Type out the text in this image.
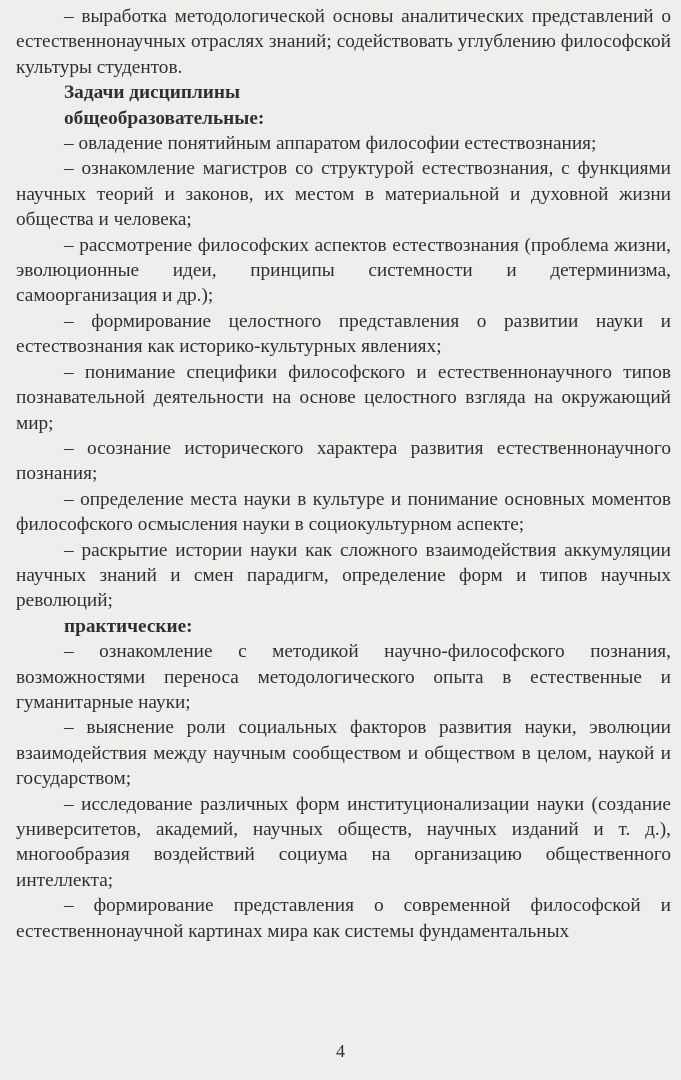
– выработка методологической основы аналитических представлений о естественнонаучных отраслях знаний; содействовать углублению философской культуры студентов.

Задачи дисциплины

общеобразовательные:

– овладение понятийным аппаратом философии естествознания;

– ознакомление магистров со структурой естествознания, с функциями научных теорий и законов, их местом в материальной и духовной жизни общества и человека;

– рассмотрение философских аспектов естествознания (проблема жизни, эволюционные идеи, принципы системности и детерминизма, самоорганизация и др.);

– формирование целостного представления о развитии науки и естествознания как историко-культурных явлениях;

– понимание специфики философского и естественнонаучного типов познавательной деятельности на основе целостного взгляда на окружающий мир;

– осознание исторического характера развития естественнонаучного познания;

– определение места науки в культуре и понимание основных моментов философского осмысления науки в социокультурном аспекте;

– раскрытие истории науки как сложного взаимодействия аккумуляции научных знаний и смен парадигм, определение форм и типов научных революций;

практические:

– ознакомление с методикой научно-философского познания, возможностями переноса методологического опыта в естественные и гуманитарные науки;

– выяснение роли социальных факторов развития науки, эволюции взаимодействия между научным сообществом и обществом в целом, наукой и государством;

– исследование различных форм институционализации науки (создание университетов, академий, научных обществ, научных изданий и т. д.), многообразия воздействий социума на организацию общественного интеллекта;

– формирование представления о современной философской и естественнонаучной картинах мира как системы фундаментальных

4
